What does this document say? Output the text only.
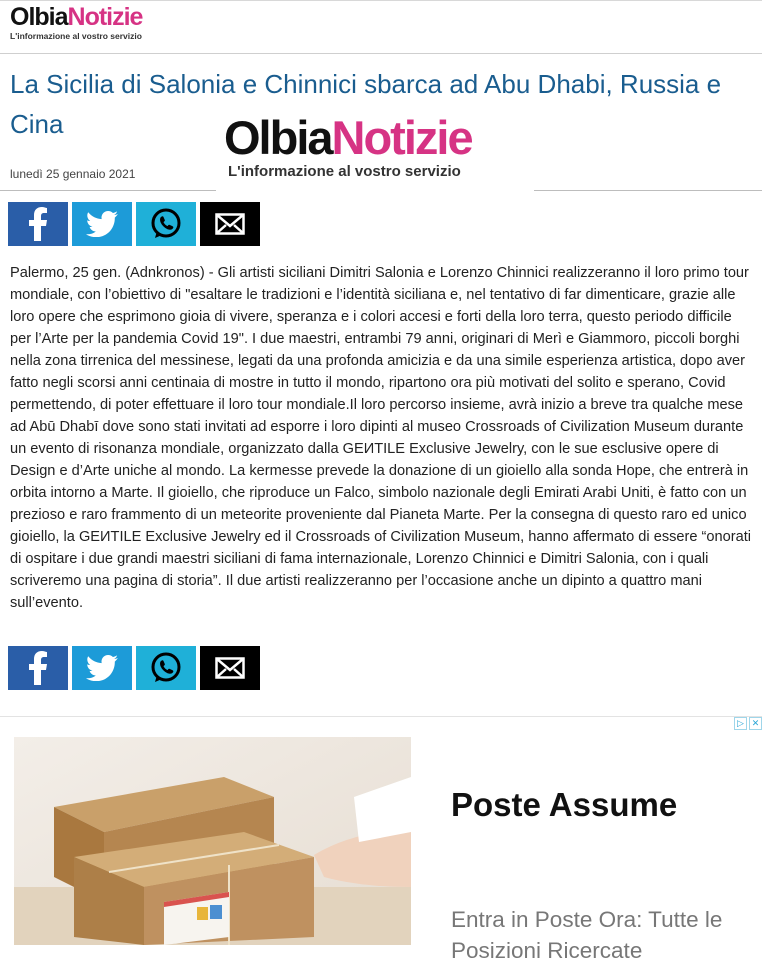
OlbiaNotizie
L'informazione al vostro servizio
La Sicilia di Salonia e Chinnici sbarca ad Abu Dhabi, Russia e Cina
lunedì 25 gennaio 2021
OlbiaNotizie
L'informazione al vostro servizio
Palermo, 25 gen. (Adnkronos) - Gli artisti siciliani Dimitri Salonia e Lorenzo Chinnici realizzeranno il loro primo tour mondiale, con l’obiettivo di "esaltare le tradizioni e l’identità siciliana e, nel tentativo di far dimenticare, grazie alle loro opere che esprimono gioia di vivere, speranza e i colori accesi e forti della loro terra, questo periodo difficile per l’Arte per la pandemia Covid 19". I due maestri, entrambi 79 anni, originari di Merì e Giammoro, piccoli borghi nella zona tirrenica del messinese, legati da una profonda amicizia e da una simile esperienza artistica, dopo aver fatto negli scorsi anni centinaia di mostre in tutto il mondo, ripartono ora più motivati del solito e sperano, Covid permettendo, di poter effettuare il loro tour mondiale.Il loro percorso insieme, avrà inizio a breve tra qualche mese ad Abū Dhabī dove sono stati invitati ad esporre i loro dipinti al museo Crossroads of Civilization Museum durante un evento di risonanza mondiale, organizzato dalla GEИTILE Exclusive Jewelry, con le sue esclusive opere di Design e d’Arte uniche al mondo. La kermesse prevede la donazione di un gioiello alla sonda Hope, che entrerà in orbita intorno a Marte. Il gioiello, che riproduce un Falco, simbolo nazionale degli Emirati Arabi Uniti, è fatto con un prezioso e raro frammento di un meteorite proveniente dal Pianeta Marte. Per la consegna di questo raro ed unico gioiello, la GEИTILE Exclusive Jewelry ed il Crossroads of Civilization Museum, hanno affermato di essere “onorati di ospitare i due grandi maestri siciliani di fama internazionale, Lorenzo Chinnici e Dimitri Salonia, con i quali scriveremo una pagina di storia”. Il due artisti realizzeranno per l’occasione anche un dipinto a quattro mani sull’evento.
▷ ✕
Poste Assume
Entra in Poste Ora: Tutte le Posizioni Ricercate
